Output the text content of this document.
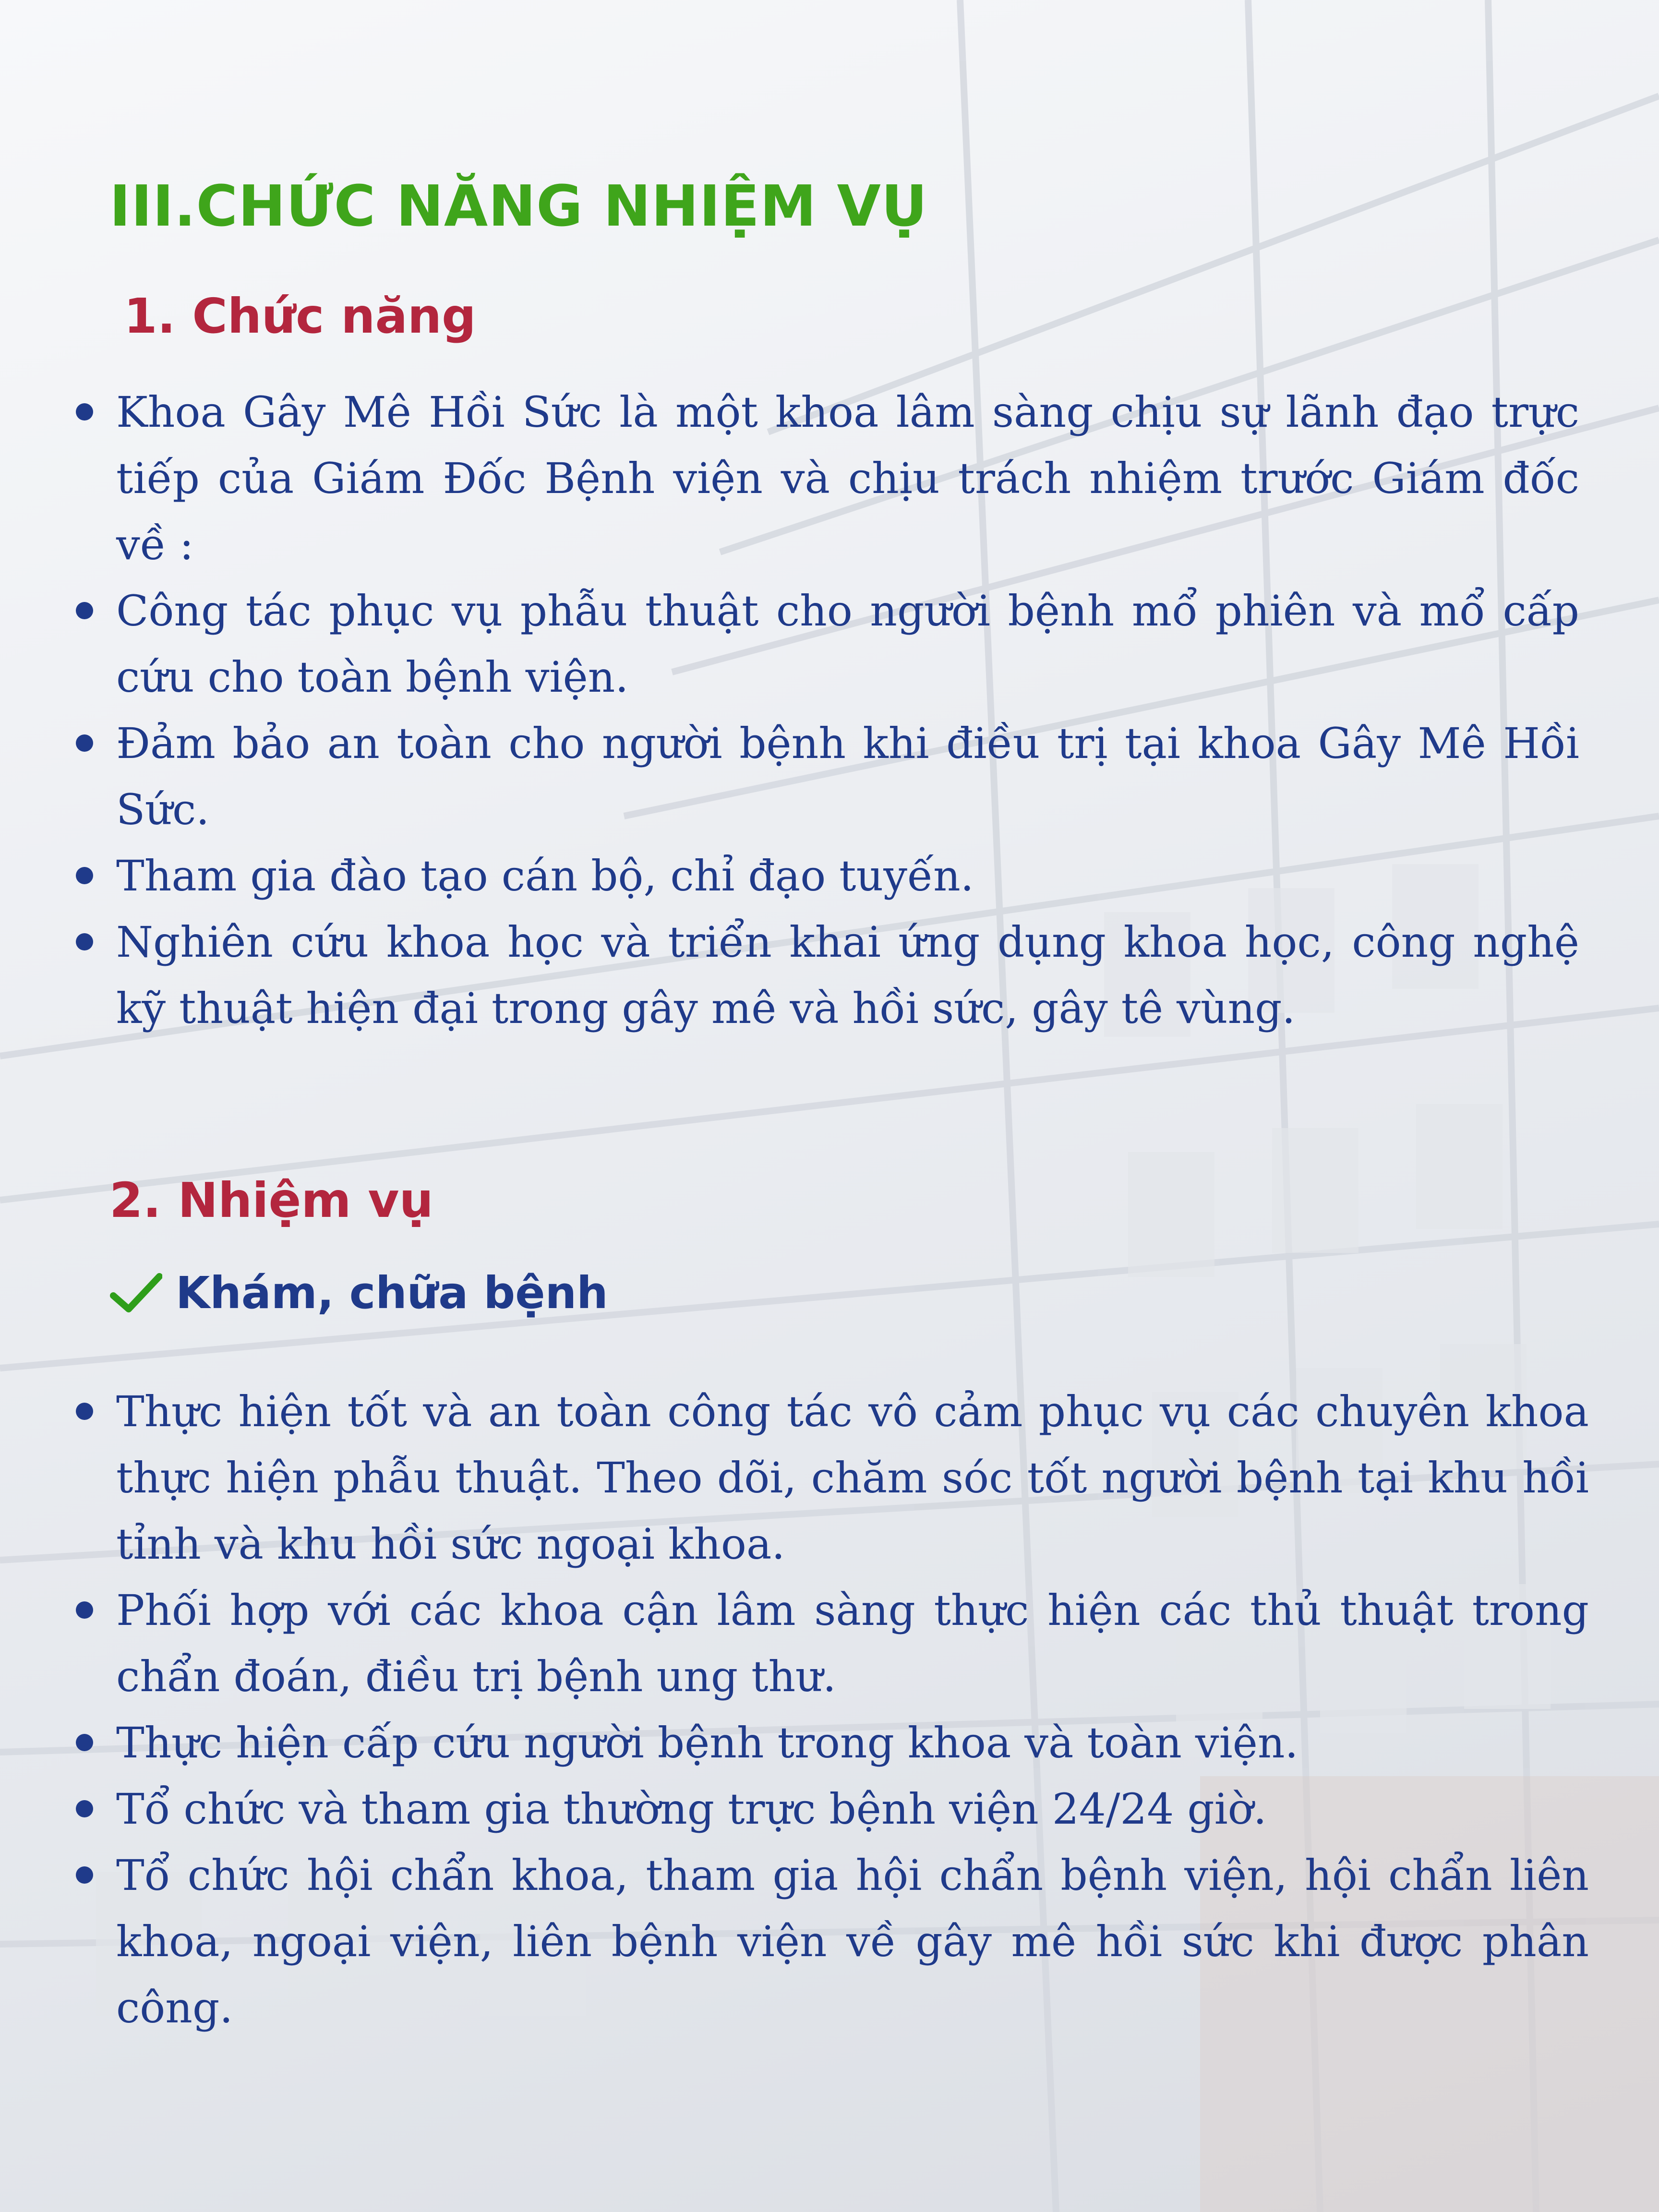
III.CHỨC NĂNG NHIỆM VỤ
1. Chức năng
Khoa Gây Mê Hồi Sức là một khoa lâm sàng chịu sự lãnh đạo trực tiếp của Giám Đốc Bệnh viện và chịu trách nhiệm trước Giám đốc về :
Công tác phục vụ phẫu thuật cho người bệnh mổ phiên và mổ cấp cứu cho toàn bệnh viện.
Đảm bảo an toàn cho người bệnh khi điều trị tại khoa Gây Mê Hồi Sức.
Tham gia đào tạo cán bộ, chỉ đạo tuyến.
Nghiên cứu khoa học và triển khai ứng dụng khoa học, công nghệ kỹ thuật hiện đại trong gây mê và hồi sức, gây tê vùng.
2. Nhiệm vụ
Khám, chữa bệnh
Thực hiện tốt và an toàn công tác vô cảm phục vụ các chuyên khoa thực hiện phẫu thuật. Theo dõi, chăm sóc tốt người bệnh tại khu hồi tỉnh và khu hồi sức ngoại khoa.
Phối hợp với các khoa cận lâm sàng thực hiện các thủ thuật trong chẩn đoán, điều trị bệnh ung thư.
Thực hiện cấp cứu người bệnh trong khoa và toàn viện.
Tổ chức và tham gia thường trực bệnh viện 24/24 giờ.
Tổ chức hội chẩn khoa, tham gia hội chẩn bệnh viện, hội chẩn liên khoa, ngoại viện, liên bệnh viện về gây mê hồi sức khi được phân công.
